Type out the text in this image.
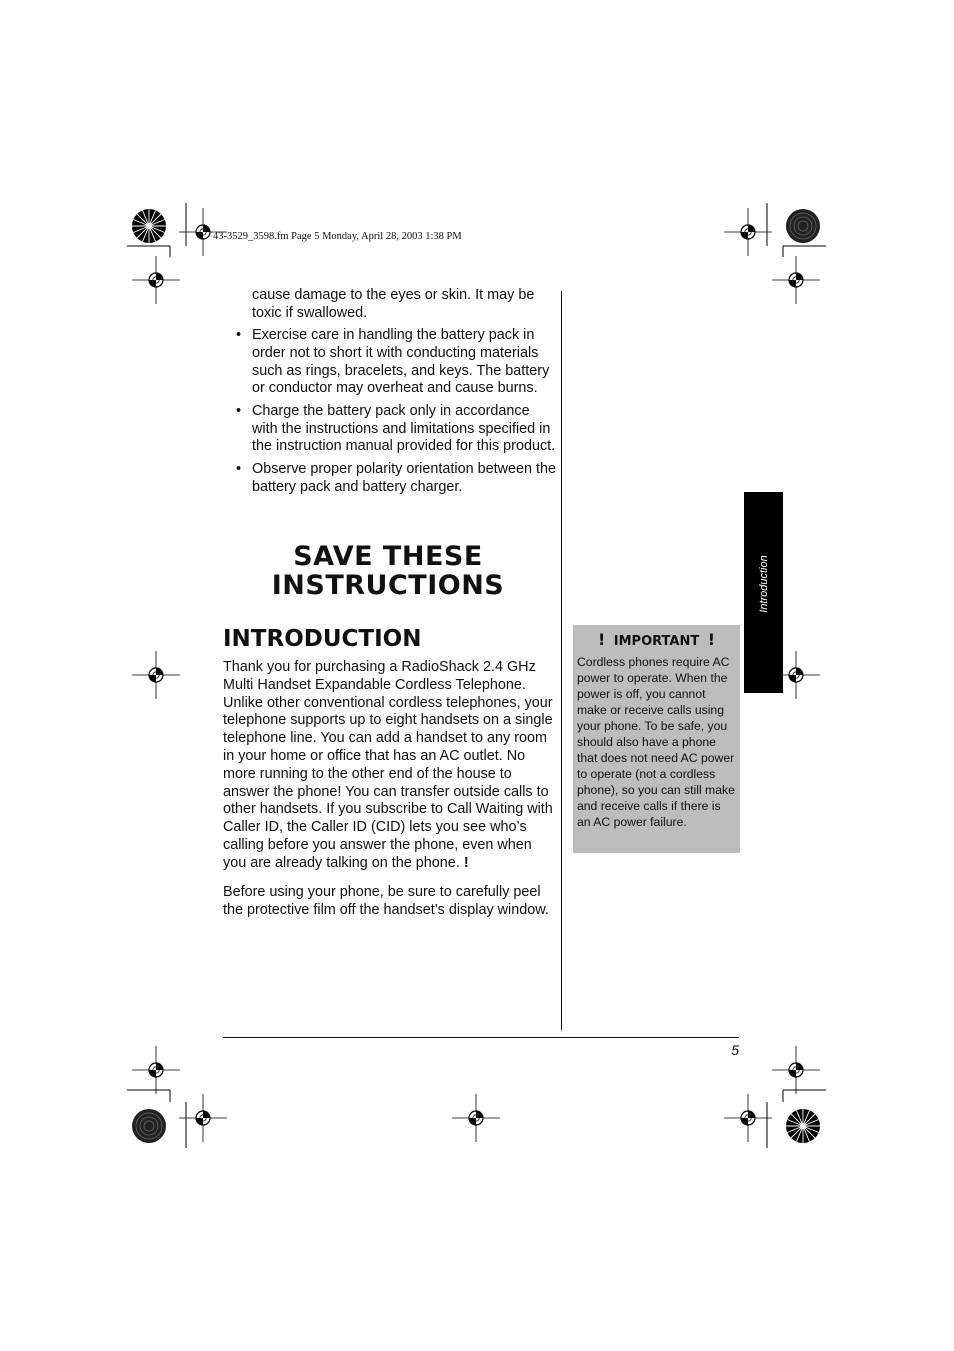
43-3529_3598.fm Page 5 Monday, April 28, 2003 1:38 PM
cause damage to the eyes or skin. It may be toxic if swallowed.
• Exercise care in handling the battery pack in order not to short it with conducting materials such as rings, bracelets, and keys. The battery or conductor may overheat and cause burns.
• Charge the battery pack only in accordance with the instructions and limitations specified in the instruction manual provided for this product.
• Observe proper polarity orientation between the battery pack and battery charger.
SAVE THESE
INSTRUCTIONS
INTRODUCTION
Thank you for purchasing a RadioShack 2.4 GHz Multi Handset Expandable Cordless Telephone. Unlike other conventional cordless telephones, your telephone supports up to eight handsets on a single telephone line. You can add a handset to any room in your home or office that has an AC outlet. No more running to the other end of the house to answer the phone! You can transfer outside calls to other handsets. If you subscribe to Call Waiting with Caller ID, the Caller ID (CID) lets you see who’s calling before you answer the phone, even when you are already talking on the phone. !
Before using your phone, be sure to carefully peel the protective film off the handset’s display window.
Introduction
! IMPORTANT !
Cordless phones require AC power to operate. When the power is off, you cannot make or receive calls using your phone. To be safe, you should also have a phone that does not need AC power to operate (not a cordless phone), so you can still make and receive calls if there is an AC power failure.
5
